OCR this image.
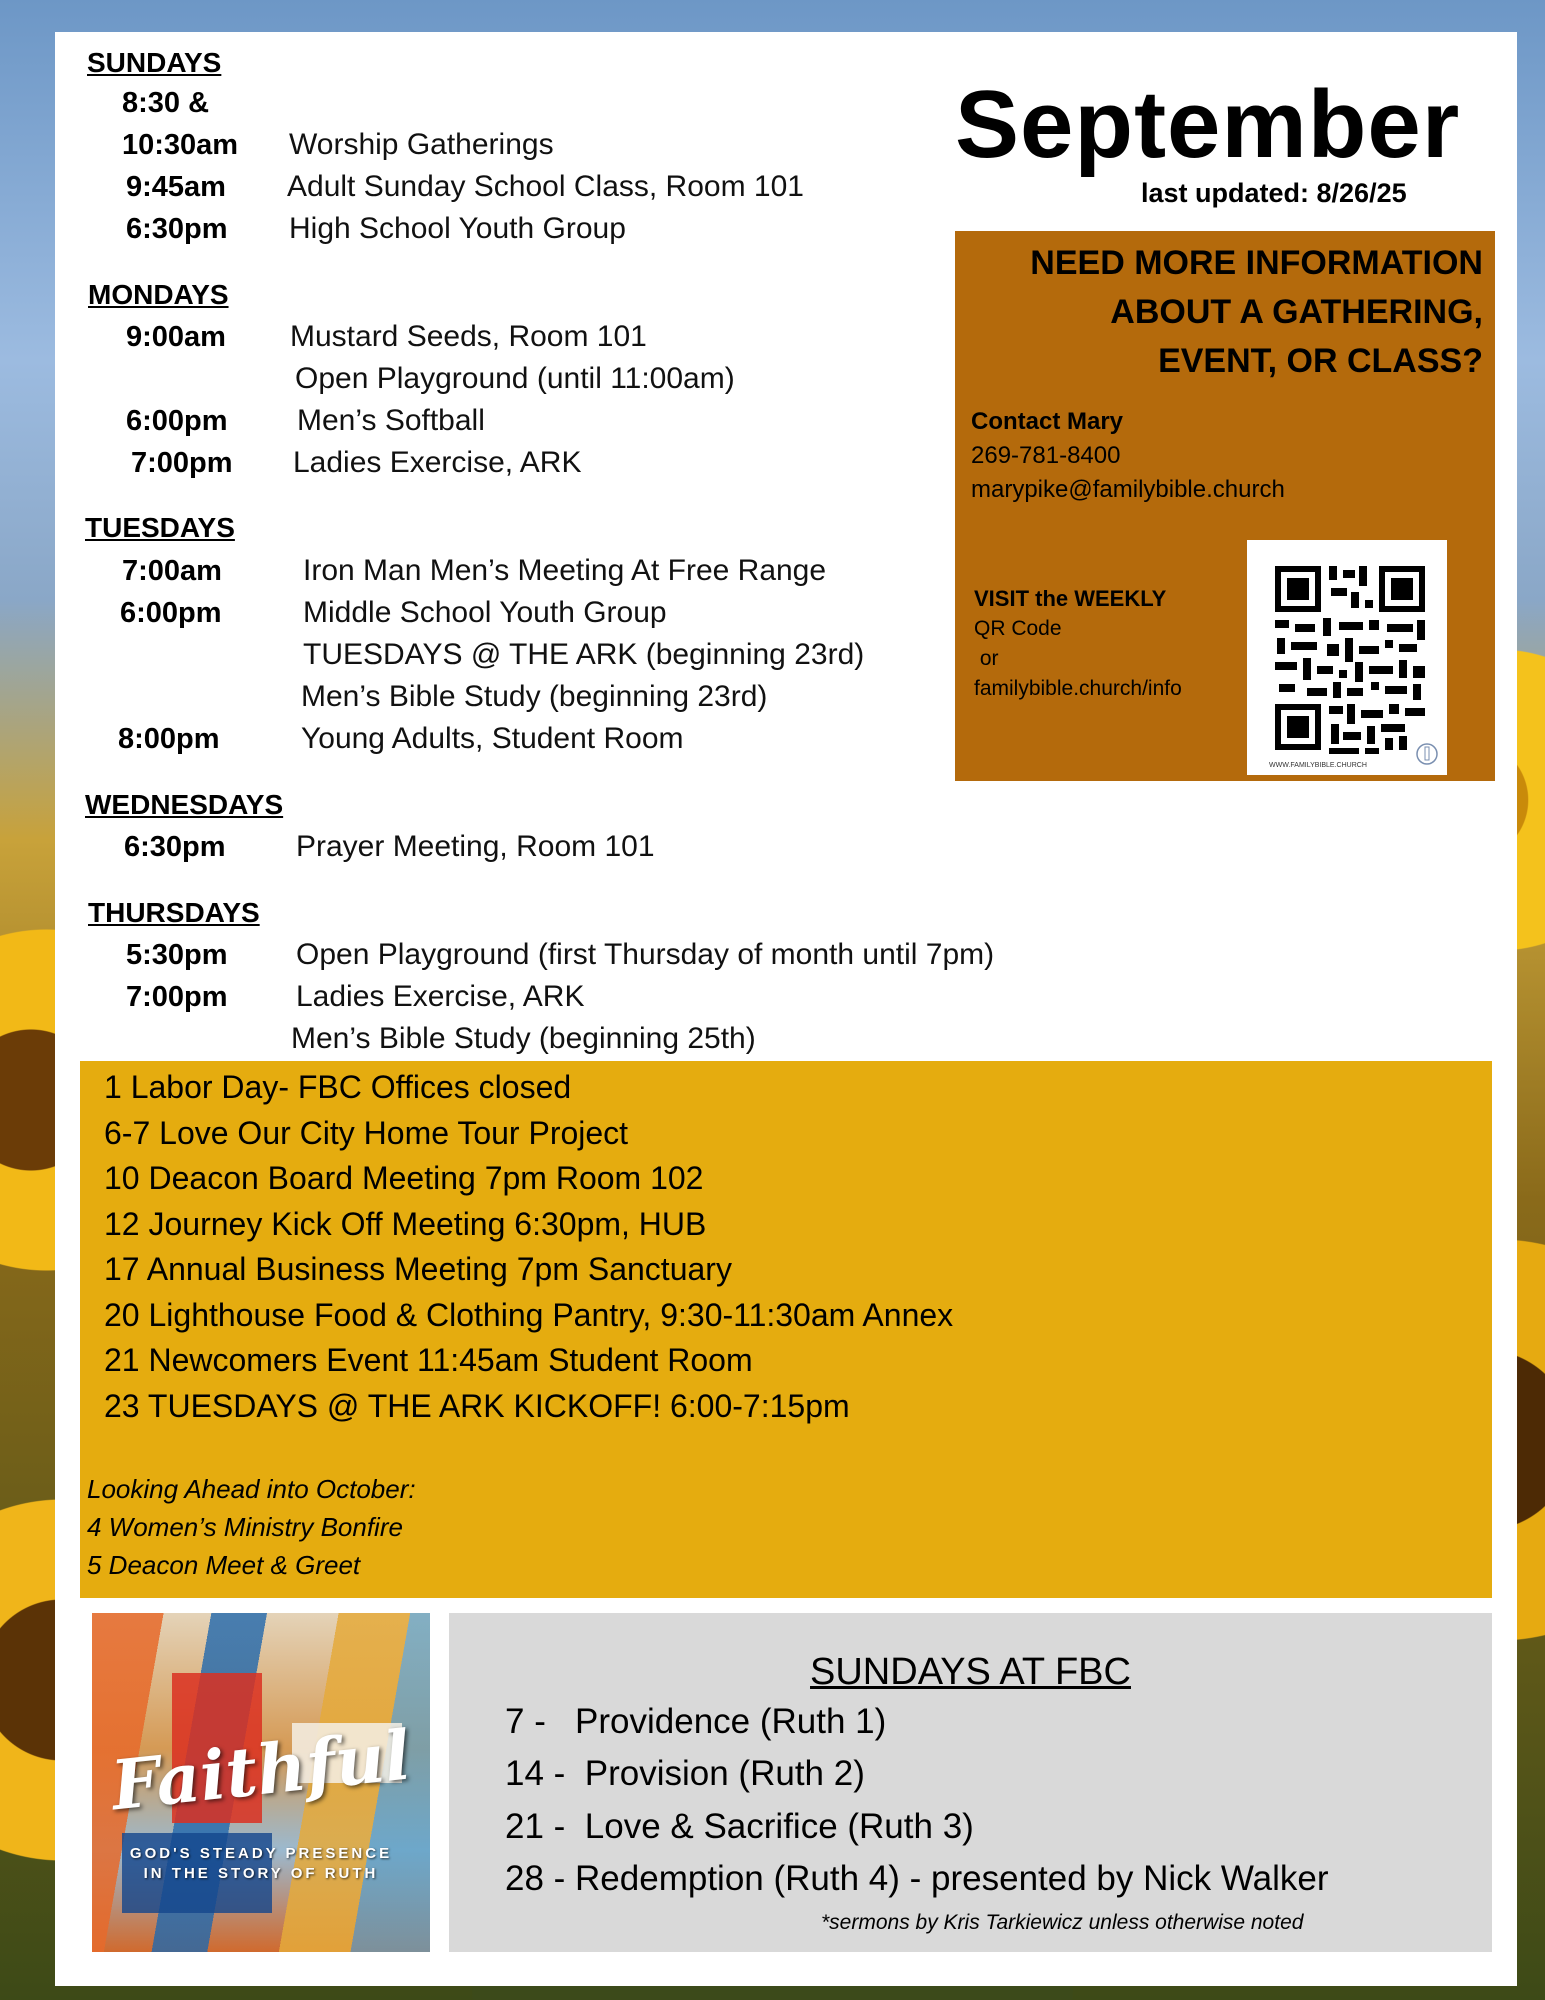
SUNDAYS
8:30 &
10:30am Worship Gatherings
9:45am Adult Sunday School Class, Room 101
6:30pm High School Youth Group
MONDAYS
9:00am Mustard Seeds, Room 101
Open Playground (until 11:00am)
6:00pm Men’s Softball
7:00pm Ladies Exercise, ARK
TUESDAYS
7:00am	Iron Man Men’s Meeting At Free Range
6:00pm	Middle School Youth Group
TUESDAYS @ THE ARK (beginning 23rd)
Men’s Bible Study (beginning 23rd)
8:00pm	Young Adults, Student Room
WEDNESDAYS
6:30pm Prayer Meeting, Room 101
THURSDAYS
5:30pm Open Playground (first Thursday of month until 7pm)
7:00pm Ladies Exercise, ARK
Men’s Bible Study (beginning 25th)
September
last updated: 8/26/25
NEED MORE INFORMATION
ABOUT A GATHERING,
EVENT, OR CLASS?
Contact Mary
269-781-8400
marypike@familybible.church
VISIT the WEEKLY
QR Code
or
familybible.church/info
WWW.FAMILYBIBLE.CHURCH
1 Labor Day- FBC Offices closed
6-7 Love Our City Home Tour Project
10 Deacon Board Meeting 7pm Room 102
12 Journey Kick Off Meeting 6:30pm, HUB
17 Annual Business Meeting 7pm Sanctuary
20 Lighthouse Food & Clothing Pantry, 9:30-11:30am Annex
21 Newcomers Event 11:45am Student Room
23 TUESDAYS @ THE ARK KICKOFF! 6:00-7:15pm
Looking Ahead into October:
4 Women’s Ministry Bonfire
5 Deacon Meet & Greet
Faithful
GOD'S STEADY PRESENCE
IN THE STORY OF RUTH
SUNDAYS AT FBC
7 -   Providence (Ruth 1)
14 -  Provision (Ruth 2)
21 -  Love & Sacrifice (Ruth 3)
28 - Redemption (Ruth 4) - presented by Nick Walker
*sermons by Kris Tarkiewicz unless otherwise noted
